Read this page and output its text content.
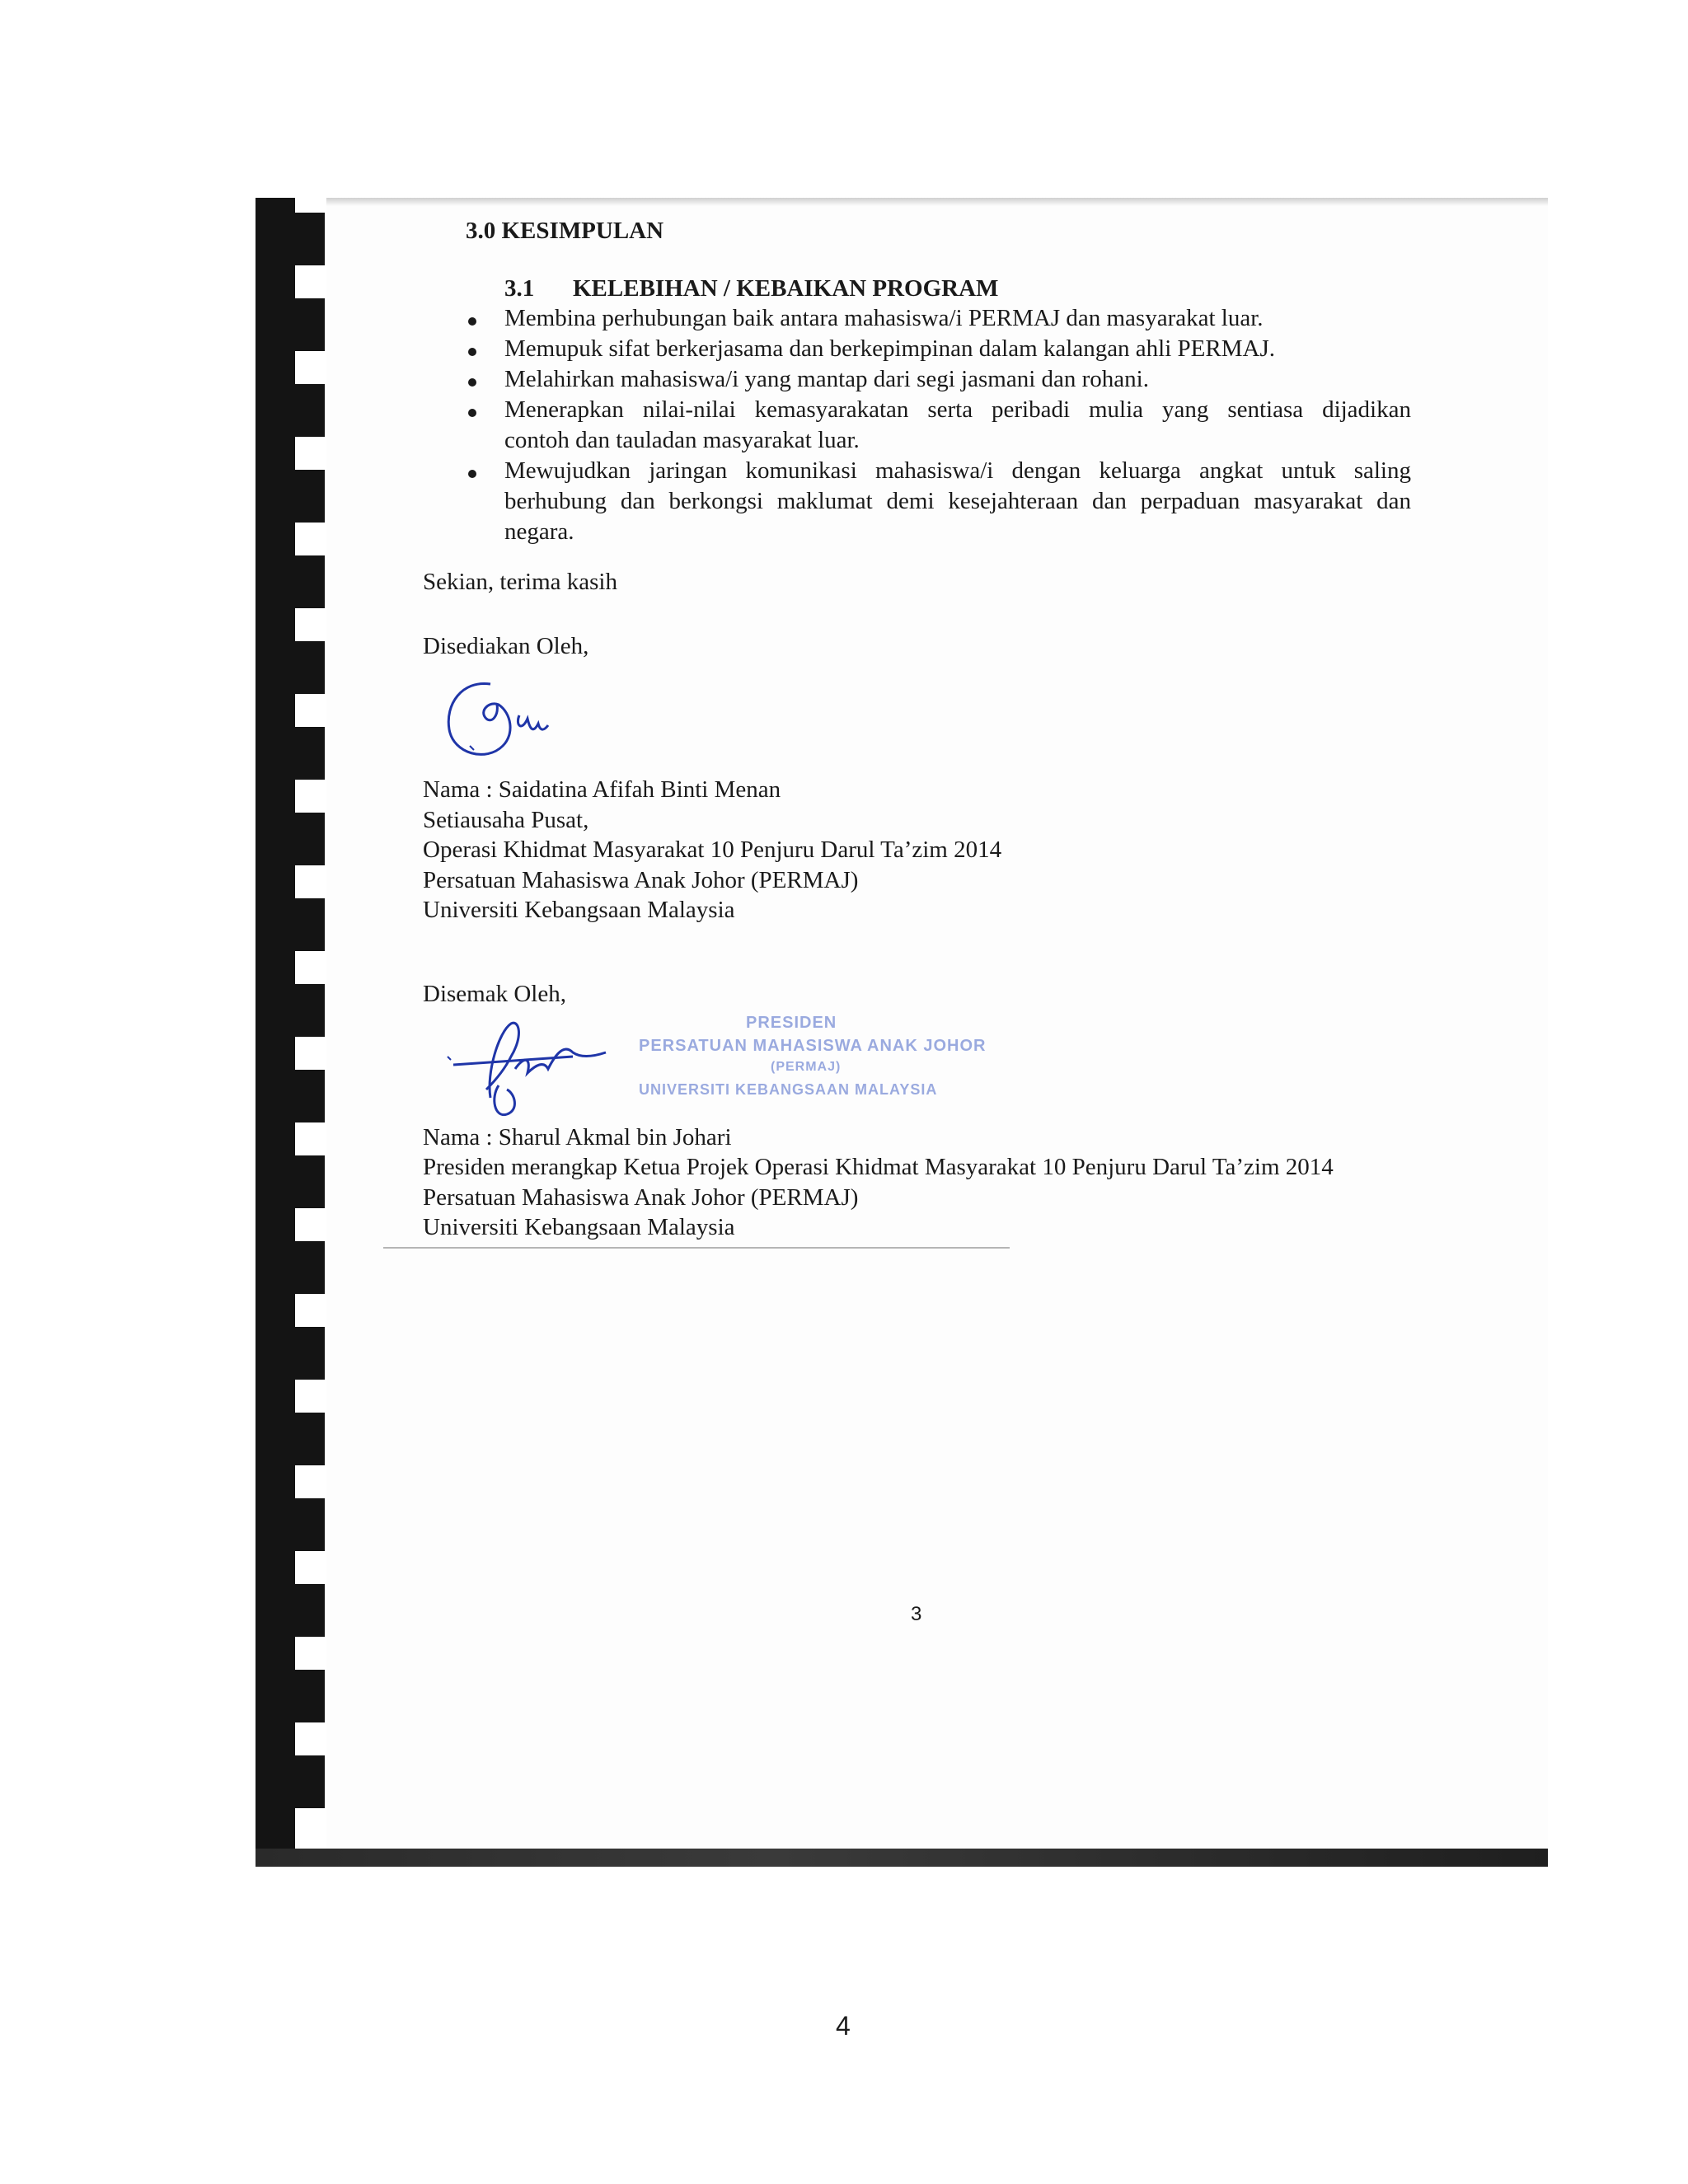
3.0 KESIMPULAN
3.1 KELEBIHAN / KEBAIKAN PROGRAM
Membina perhubungan baik antara mahasiswa/i PERMAJ dan masyarakat luar.
Memupuk sifat berkerjasama dan berkepimpinan dalam kalangan ahli PERMAJ.
Melahirkan mahasiswa/i yang mantap dari segi jasmani dan rohani.
Menerapkan nilai-nilai kemasyarakatan serta peribadi mulia yang sentiasa dijadikan
contoh dan tauladan masyarakat luar.
Mewujudkan jaringan komunikasi mahasiswa/i dengan keluarga angkat untuk saling
berhubung dan berkongsi maklumat demi kesejahteraan dan perpaduan masyarakat dan
negara.
Sekian, terima kasih
Disediakan Oleh,
Nama : Saidatina Afifah Binti Menan
Setiausaha Pusat,
Operasi Khidmat Masyarakat 10 Penjuru Darul Ta’zim 2014
Persatuan Mahasiswa Anak Johor (PERMAJ)
Universiti Kebangsaan Malaysia
Disemak Oleh,
PRESIDEN
PERSATUAN MAHASISWA ANAK JOHOR
(PERMAJ)
UNIVERSITI KEBANGSAAN MALAYSIA
Nama : Sharul Akmal bin Johari
Presiden merangkap Ketua Projek Operasi Khidmat Masyarakat 10 Penjuru Darul Ta’zim 2014
Persatuan Mahasiswa Anak Johor (PERMAJ)
Universiti Kebangsaan Malaysia
3
4
